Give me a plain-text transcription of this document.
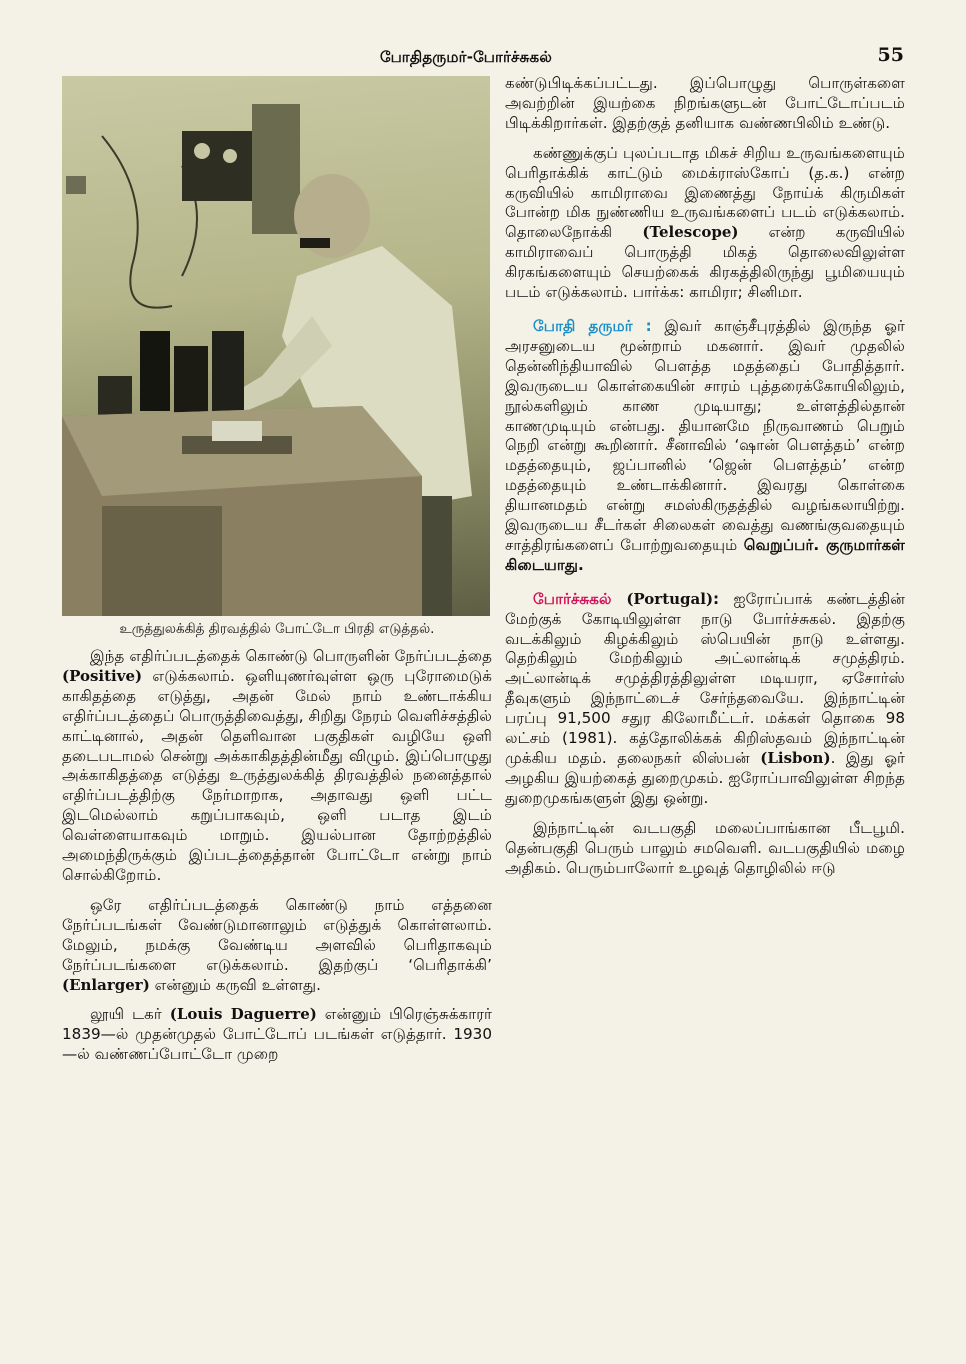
போதிதருமர்-போர்ச்சுகல்	55
உருத்துலக்கித் திரவத்தில் போட்டோ பிரதி எடுத்தல்.

இந்த எதிர்ப்படத்தைக் கொண்டு பொருளின் நேர்ப்படத்தை (Positive) எடுக்கலாம். ஒளியுணர்வுள்ள ஒரு புரோமைடுக் காகிதத்தை எடுத்து, அதன் மேல் நாம் உண்டாக்கிய எதிர்ப்படத்தைப் பொருத்திவைத்து, சிறிது நேரம் வெளிச்சத்தில் காட்டினால், அதன் தெளிவான பகுதிகள் வழியே ஒளி தடைபடாமல் சென்று அக்காகிதத்தின்மீது விழும். இப்பொழுது அக்காகிதத்தை எடுத்து உருத்துலக்கித் திரவத்தில் நனைத்தால் எதிர்ப்படத்திற்கு நேர்மாறாக, அதாவது ஒளி பட்ட இடமெல்லாம் கறுப்பாகவும், ஒளி படாத இடம் வெள்ளையாகவும் மாறும். இயல்பான தோற்றத்தில் அமைந்திருக்கும் இப்படத்தைத்தான் போட்டோ என்று நாம் சொல்கிறோம்.

ஒரே எதிர்ப்படத்தைக் கொண்டு நாம் எத்தனை நேர்ப்படங்கள் வேண்டுமானாலும் எடுத்துக் கொள்ளலாம். மேலும், நமக்கு வேண்டிய அளவில் பெரிதாகவும் நேர்ப்படங்களை எடுக்கலாம். இதற்குப் ‘பெரிதாக்கி’ (Enlarger) என்னும் கருவி உள்ளது.

லூயி டகர் (Louis Daguerre) என்னும் பிரெஞ்சுக்காரர் 1839—ல் முதன்முதல் போட்டோப் படங்கள் எடுத்தார். 1930—ல் வண்ணப்போட்டோ முறை

கண்டுபிடிக்கப்பட்டது. இப்பொழுது பொருள்களை அவற்றின் இயற்கை நிறங்களுடன் போட்டோப்படம் பிடிக்கிறார்கள். இதற்குத் தனியாக வண்ணபிலிம் உண்டு.

கண்ணுக்குப் புலப்படாத மிகச் சிறிய உருவங்களையும் பெரிதாக்கிக் காட்டும் மைக்ராஸ்கோப் (த.க.) என்ற கருவியில் காமிராவை இணைத்து நோய்க் கிருமிகள் போன்ற மிக நுண்ணிய உருவங்களைப் படம் எடுக்கலாம். தொலைநோக்கி (Telescope) என்ற கருவியில் காமிராவைப் பொருத்தி மிகத் தொலைவிலுள்ள கிரகங்களையும் செயற்கைக் கிரகத்திலிருந்து பூமியையும் படம் எடுக்கலாம். பார்க்க: காமிரா; சினிமா.

போதி தருமர் : இவர் காஞ்சீபுரத்தில் இருந்த ஓர் அரசனுடைய மூன்றாம் மகனார். இவர் முதலில் தென்னிந்தியாவில் பௌத்த மதத்தைப் போதித்தார். இவருடைய கொள்கையின் சாரம் புத்தரைக்கோயிலிலும், நூல்களிலும் காண முடியாது; உள்ளத்தில்தான் காணமுடியும் என்பது. தியானமே நிருவாணம் பெறும் நெறி என்று கூறினார். சீனாவில் ‘ஷான் பௌத்தம்’ என்ற மதத்தையும், ஜப்பானில் ‘ஜென் பௌத்தம்’ என்ற மதத்தையும் உண்டாக்கினார். இவரது கொள்கை தியானமதம் என்று சமஸ்கிருதத்தில் வழங்கலாயிற்று. இவருடைய சீடர்கள் சிலைகள் வைத்து வணங்குவதையும் சாத்திரங்களைப் போற்றுவதையும் வெறுப்பர். குருமார்கள் கிடையாது.

போர்ச்சுகல் (Portugal): ஐரோப்பாக் கண்டத்தின் மேற்குக் கோடியிலுள்ள நாடு போர்ச்சுகல். இதற்கு வடக்கிலும் கிழக்கிலும் ஸ்பெயின் நாடு உள்ளது. தெற்கிலும் மேற்கிலும் அட்லான்டிக் சமுத்திரம். அட்லான்டிக் சமுத்திரத்திலுள்ள மடியரா, ஏசோர்ஸ் தீவுகளும் இந்நாட்டைச் சேர்ந்தவையே. இந்நாட்டின் பரப்பு 91,500 சதுர கிலோமீட்டர். மக்கள் தொகை 98 லட்சம் (1981). கத்தோலிக்கக் கிறிஸ்தவம் இந்நாட்டின் முக்கிய மதம். தலைநகர் லிஸ்பன் (Lisbon). இது ஓர் அழகிய இயற்கைத் துறைமுகம். ஐரோப்பாவிலுள்ள சிறந்த துறைமுகங்களுள் இது ஒன்று.

இந்நாட்டின் வடபகுதி மலைப்பாங்கான பீடபூமி. தென்பகுதி பெரும் பாலும் சமவெளி. வடபகுதியில் மழை அதிகம். பெரும்பாலோர் உழவுத் தொழிலில் ஈடு
